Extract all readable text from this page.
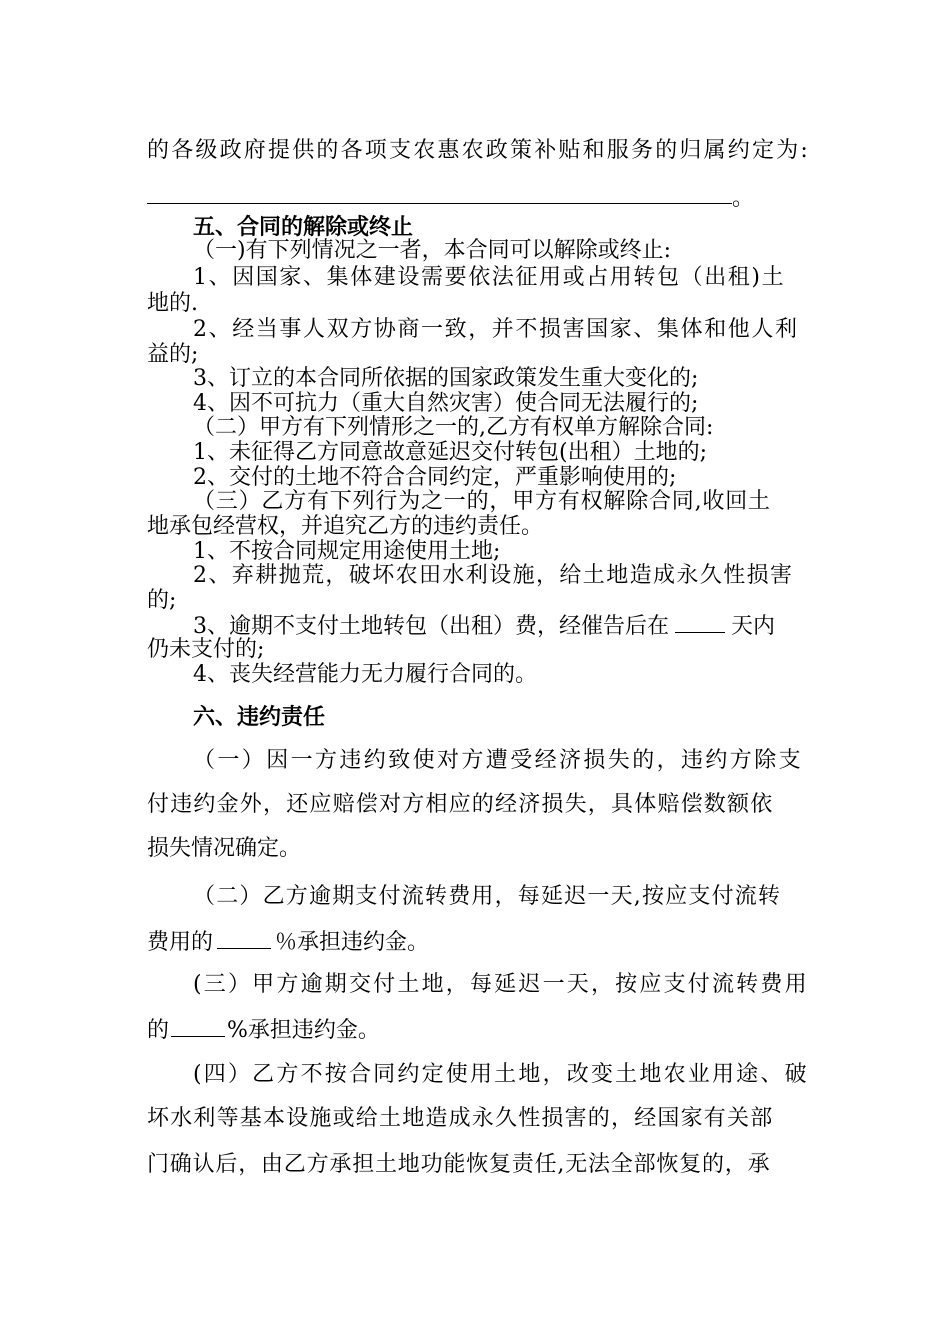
的各级政府提供的各项支农惠农政策补贴和服务的归属约定为:
。
五、合同的解除或终止
（一)有下列情况之一者，本合同可以解除或终止:
1、因国家、集体建设需要依法征用或占用转包（出租)土
地的.
2、经当事人双方协商一致，并不损害国家、集体和他人利
益的;
3、订立的本合同所依据的国家政策发生重大变化的;
4、因不可抗力（重大自然灾害）使合同无法履行的;
（二）甲方有下列情形之一的,乙方有权单方解除合同:
1、未征得乙方同意故意延迟交付转包(出租）土地的;
2、交付的土地不符合合同约定，严重影响使用的;
（三）乙方有下列行为之一的，甲方有权解除合同,收回土
地承包经营权，并追究乙方的违约责任。
1、不按合同规定用途使用土地;
2、弃耕抛荒，破坏农田水利设施，给土地造成永久性损害
的;
3、逾期不支付土地转包（出租）费，经催告后在	天内
仍未支付的;
4、丧失经营能力无力履行合同的。
六、违约责任
（一）因一方违约致使对方遭受经济损失的，违约方除支
付违约金外，还应赔偿对方相应的经济损失，具体赔偿数额依
损失情况确定。
（二）乙方逾期支付流转费用，每延迟一天,按应支付流转
费用的	％承担违约金。
(三）甲方逾期交付土地，每延迟一天，按应支付流转费用
的	%承担违约金。
(四）乙方不按合同约定使用土地，改变土地农业用途、破
坏水利等基本设施或给土地造成永久性损害的，经国家有关部
门确认后，由乙方承担土地功能恢复责任,无法全部恢复的，承
